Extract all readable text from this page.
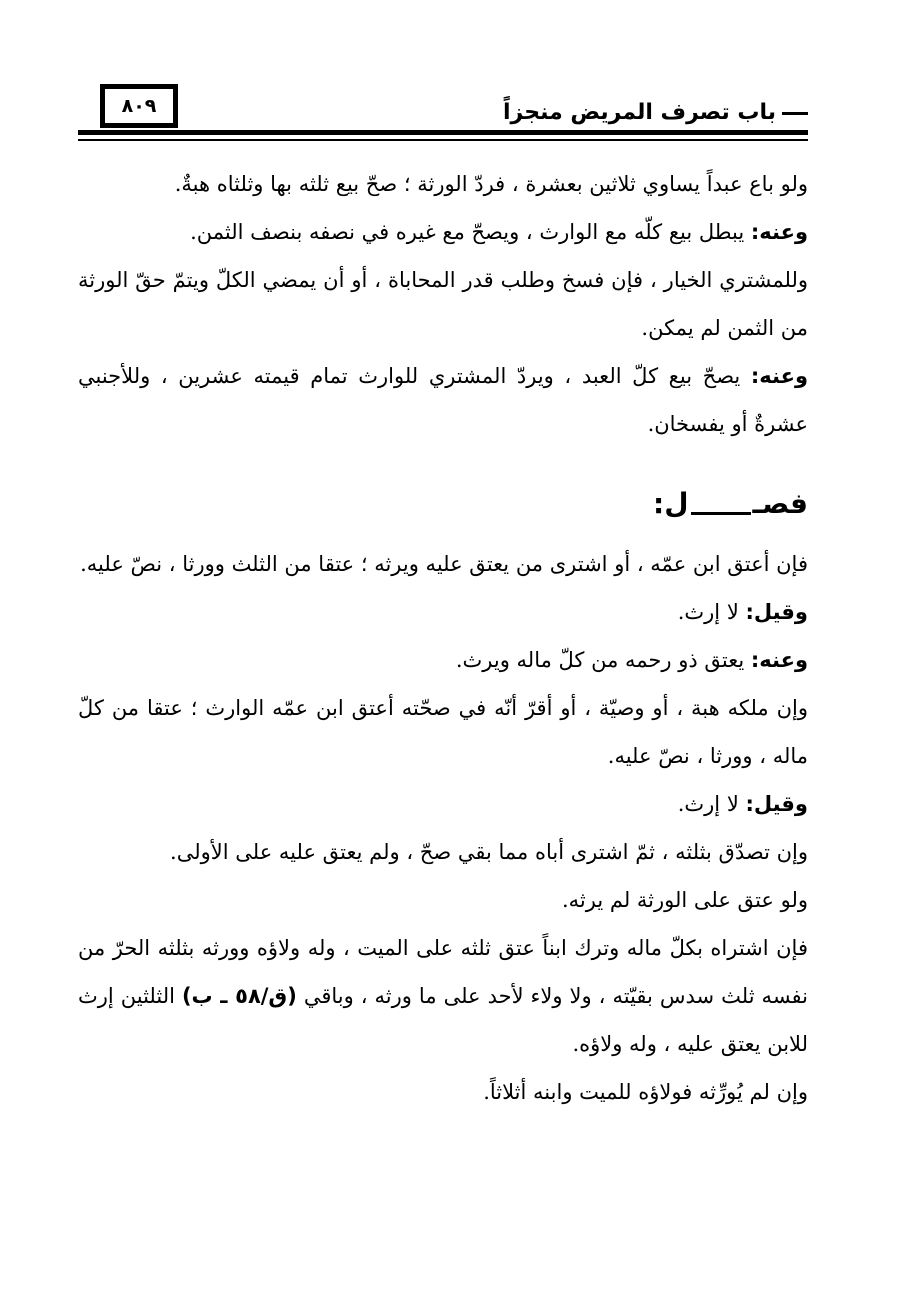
٨٠٩	باب تصرف المريض منجزاً

ولو باع عبداً يساوي ثلاثين بعشرة ، فردّ الورثة ؛ صحّ بيع ثلثه بها وثلثاه هبةٌ.

وعنه: يبطل بيع كلّه مع الوارث ، ويصحّ مع غيره في نصفه بنصف الثمن.

وللمشتري الخيار ، فإن فسخ وطلب قدر المحاباة ، أو أن يمضي الكلّ ويتمّ حقّ الورثة من الثمن لم يمكن.

وعنه: يصحّ بيع كلّ العبد ، ويردّ المشتري للوارث تمام قيمته عشرين ، وللأجنبي عشرةٌ أو يفسخان.

فصـل:

فإن أعتق ابن عمّه ، أو اشترى من يعتق عليه ويرثه ؛ عتقا من الثلث وورثا ، نصّ عليه.

وقيل: لا إرث.

وعنه: يعتق ذو رحمه من كلّ ماله ويرث.

وإن ملكه هبة ، أو وصيّة ، أو أقرّ أنّه في صحّته أعتق ابن عمّه الوارث ؛ عتقا من كلّ ماله ، وورثا ، نصّ عليه.

وقيل: لا إرث.

وإن تصدّق بثلثه ، ثمّ اشترى أباه مما بقي صحّ ، ولم يعتق عليه على الأولى.

ولو عتق على الورثة لم يرثه.

فإن اشتراه بكلّ ماله وترك ابناً عتق ثلثه على الميت ، وله ولاؤه وورثه بثلثه الحرّ من نفسه ثلث سدس بقيّته ، ولا ولاء لأحد على ما ورثه ، وباقي (ق/٥٨ ـ ب) الثلثين إرث للابن يعتق عليه ، وله ولاؤه.

وإن لم يُورِّثه فولاؤه للميت وابنه أثلاثاً.
